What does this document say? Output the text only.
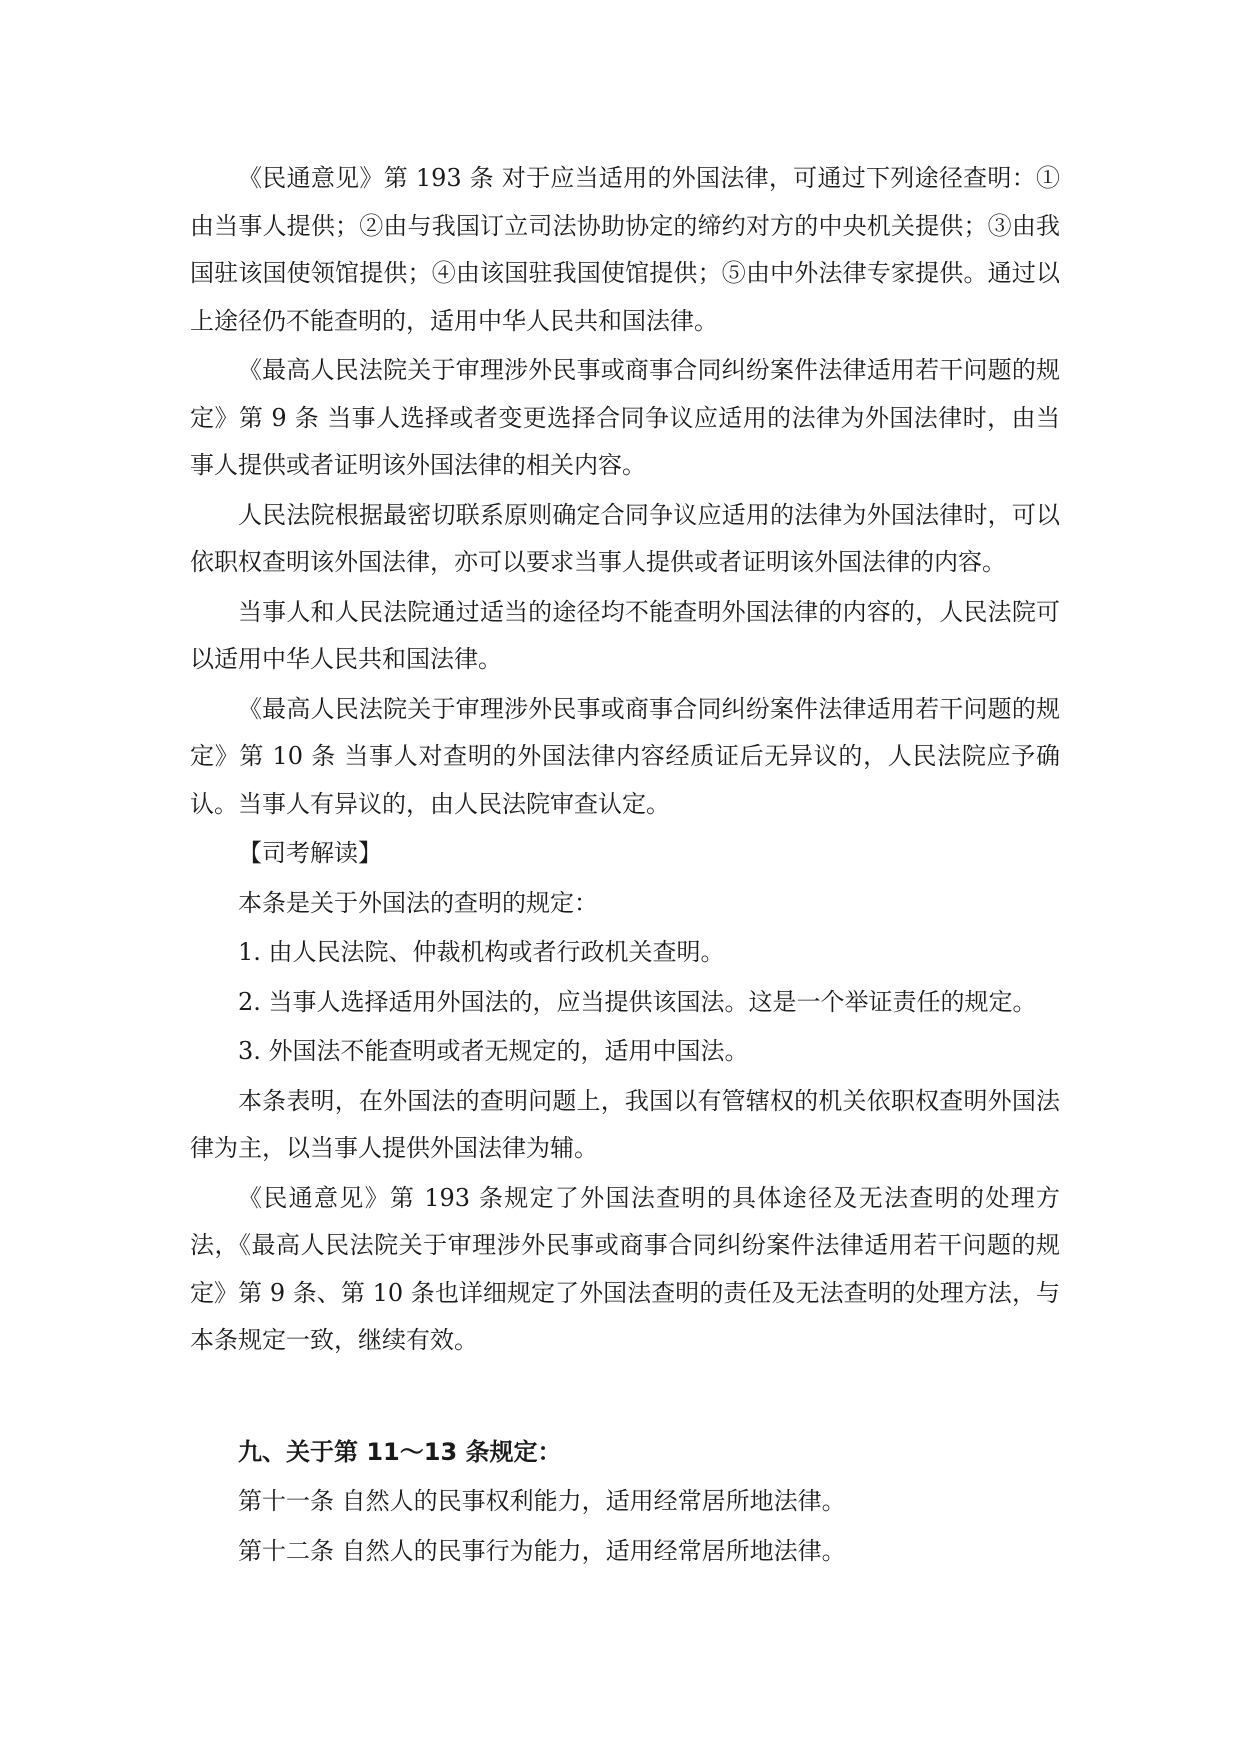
《民通意见》第 193 条 对于应当适用的外国法律，可通过下列途径查明：①由当事人提供；②由与我国订立司法协助协定的缔约对方的中央机关提供；③由我国驻该国使领馆提供；④由该国驻我国使馆提供；⑤由中外法律专家提供。通过以上途径仍不能查明的，适用中华人民共和国法律。

《最高人民法院关于审理涉外民事或商事合同纠纷案件法律适用若干问题的规定》第 9 条 当事人选择或者变更选择合同争议应适用的法律为外国法律时，由当事人提供或者证明该外国法律的相关内容。

人民法院根据最密切联系原则确定合同争议应适用的法律为外国法律时，可以依职权查明该外国法律，亦可以要求当事人提供或者证明该外国法律的内容。

当事人和人民法院通过适当的途径均不能查明外国法律的内容的，人民法院可以适用中华人民共和国法律。

《最高人民法院关于审理涉外民事或商事合同纠纷案件法律适用若干问题的规定》第 10 条 当事人对查明的外国法律内容经质证后无异议的，人民法院应予确认。当事人有异议的，由人民法院审查认定。

【司考解读】

本条是关于外国法的查明的规定：

1. 由人民法院、仲裁机构或者行政机关查明。

2. 当事人选择适用外国法的，应当提供该国法。这是一个举证责任的规定。

3. 外国法不能查明或者无规定的，适用中国法。

本条表明，在外国法的查明问题上，我国以有管辖权的机关依职权查明外国法律为主，以当事人提供外国法律为辅。

《民通意见》第 193 条规定了外国法查明的具体途径及无法查明的处理方法，《最高人民法院关于审理涉外民事或商事合同纠纷案件法律适用若干问题的规定》第 9 条、第 10 条也详细规定了外国法查明的责任及无法查明的处理方法，与本条规定一致，继续有效。

九、关于第 11～13 条规定：

第十一条 自然人的民事权利能力，适用经常居所地法律。

第十二条 自然人的民事行为能力，适用经常居所地法律。
